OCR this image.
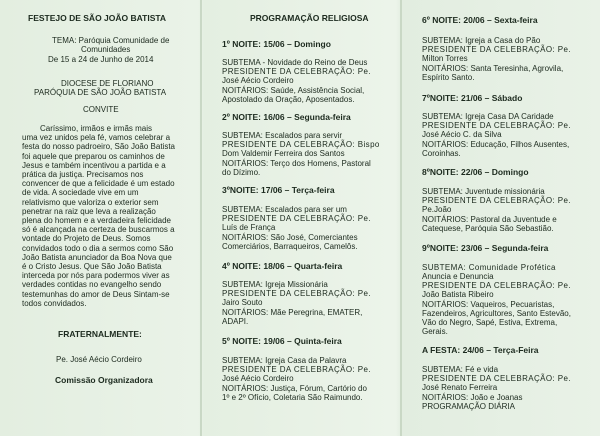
FESTEJO DE SÃO JOÃO BATISTA
TEMA: Paróquia Comunidade de
Comunidades
De 15 a 24 de Junho de 2014
DIOCESE DE FLORIANO
PARÓQUIA DE SÃO JOÃO BATISTA
CONVITE

Caríssimo, irmãos e irmãs mais

uma vez unidos pela fé, vamos celebrar a

festa do nosso padroeiro, São João Batista

foi aquele que preparou os caminhos de

Jesus e também incentivou a partida e a

prática da justiça. Precisamos nos

convencer de que a felicidade é um estado

de vida. A sociedade vive em um

relativismo que valoriza o exterior sem

penetrar na raiz que leva a realização

plena do homem e a verdadeira felicidade

só é alcançada na certeza de buscarmos a

vontade do Projeto de Deus. Somos

convidados todo o dia a sermos como São

João Batista anunciador da Boa Nova que

é o Cristo Jesus. Que São João Batista

interceda por nós para podermos viver as

verdades contidas no evangelho sendo

testemunhas do amor de Deus Sintam-se

todos convidados.

FRATERNALMENTE:
Pe. José Aécio Cordeiro
Comissão Organizadora
PROGRAMAÇÃO RELIGIOSA
1º NOITE: 15/06 – Domingo
SUBTEMA - Novidade do Reino de Deus
PRESIDENTE DA CELEBRAÇÃO: Pe.
José Aécio Cordeiro
NOITÁRIOS: Saúde, Assistência Social,
Apostolado da Oração, Aposentados.
2º NOITE: 16/06 – Segunda-feira
SUBTEMA: Escalados para servir
PRESIDENTE DA CELEBRAÇÃO: Bispo
Dom Valdemir Ferreira dos Santos
NOITÁRIOS: Terço dos Homens, Pastoral
do Dízimo.
3ºNOITE: 17/06 – Terça-feira
SUBTEMA: Escalados para ser um
PRESIDENTE DA CELEBRAÇÃO: Pe.
Luís de França
NOITÁRIOS: São José, Comerciantes
Comerciários, Barraqueiros, Camelôs.
4º NOITE: 18/06 – Quarta-feira
SUBTEMA: Igreja Missionária
PRESIDENTE DA CELEBRAÇÃO: Pe.
Jairo Souto
NOITÁRIOS: Mãe Peregrina, EMATER,
ADAPI.
5º NOITE: 19/06 – Quinta-feira
SUBTEMA: Igreja Casa da Palavra
PRESIDENTE DA CELEBRAÇÃO: Pe.
José Aécio Cordeiro
NOITÁRIOS: Justiça, Fórum, Cartório do
1º e 2º Ofício, Coletaria São Raimundo.
6º NOITE: 20/06 – Sexta-feira
SUBTEMA: Igreja a Casa do Pão
PRESIDENTE DA CELEBRAÇÃO: Pe.
Milton Torres
NOITÁRIOS: Santa Teresinha, Agrovila,
Espírito Santo.
7ºNOITE: 21/06 – Sábado
SUBTEMA: Igreja Casa DA Caridade
PRESIDENTE DA CELEBRAÇÃO: Pe.
José Aécio C. da Silva
NOITÁRIOS: Educação, Filhos Ausentes,
Coroinhas.
8ºNOITE: 22/06 – Domingo
SUBTEMA: Juventude missionária
PRESIDENTE DA CELEBRAÇÃO: Pe.
Pe.João
NOITÁRIOS: Pastoral da Juventude e
Catequese, Paróquia São Sebastião.
9ºNOITE: 23/06 – Segunda-feira
SUBTEMA: Comunidade Profética
Anuncia e Denuncia
PRESIDENTE DA CELEBRAÇÃO: Pe.
João Batista Ribeiro
NOITÁRIOS: Vaqueiros, Pecuaristas,
Fazendeiros, Agricultores, Santo Estevão,
Vão do Negro, Sapé, Estiva, Extrema,
Gerais.
A FESTA: 24/06 – Terça-Feira
SUBTEMA: Fé e vida
PRESIDENTE DA CELEBRAÇÃO: Pe.
José Renato Ferreira
NOITÁRIOS: João e Joanas
PROGRAMAÇÃO DIÁRIA
